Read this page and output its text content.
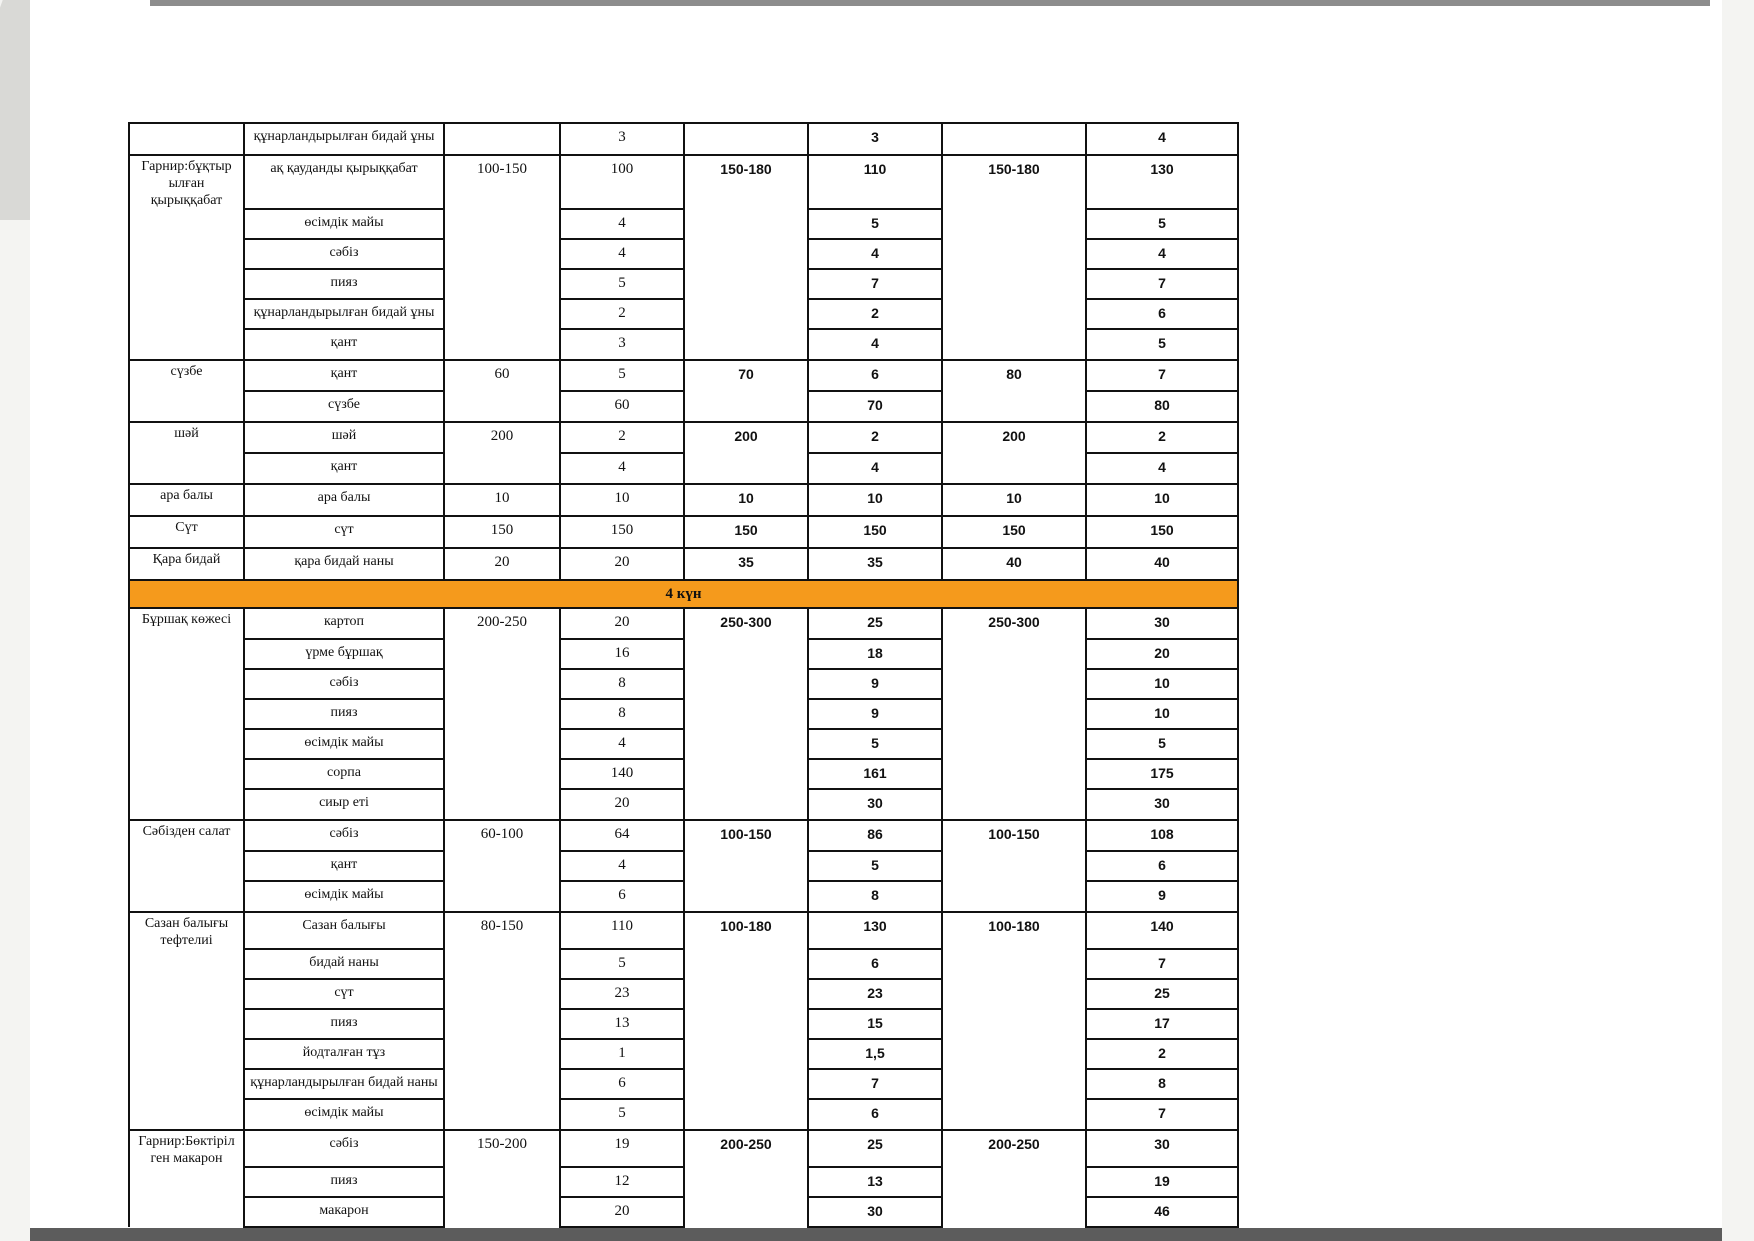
	құнарландырылған бидай ұны		3		3		4
Гарнир:бұқтыр ылған қырыққабат	ақ қауданды қырыққабат	100-150	100	150-180	110	150-180	130
	өсімдік майы		4		5		5
	сәбіз		4		4		4
	пияз		5		7		7
	құнарландырылған бидай ұны		2		2		6
	қант		3		4		5
сүзбе	қант	60	5	70	6	80	7
	сүзбе		60		70		80
шәй	шәй	200	2	200	2	200	2
	қант		4		4		4
ара балы	ара балы	10	10	10	10	10	10
Сүт	сүт	150	150	150	150	150	150
Қара бидай	қара бидай наны	20	20	35	35	40	40
4 күн							
Бұршақ көжесі	картоп	200-250	20	250-300	25	250-300	30
	үрме бұршақ		16		18		20
	сәбіз		8		9		10
	пияз		8		9		10
	өсімдік майы		4		5		5
	сорпа		140		161		175
	сиыр еті		20		30		30
Сәбізден салат	сәбіз	60-100	64	100-150	86	100-150	108
	қант		4		5		6
	өсімдік майы		6		8		9
Сазан балығы тефтелиі	Сазан балығы	80-150	110	100-180	130	100-180	140
	бидай наны		5		6		7
	сүт		23		23		25
	пияз		13		15		17
	йодталған тұз		1		1,5		2
	құнарландырылған бидай наны		6		7		8
	өсімдік майы		5		6		7
Гарнир:Бөктіріл ген макарон	сәбіз	150-200	19	200-250	25	200-250	30
	пияз		12		13		19
	макарон		20		30		46
